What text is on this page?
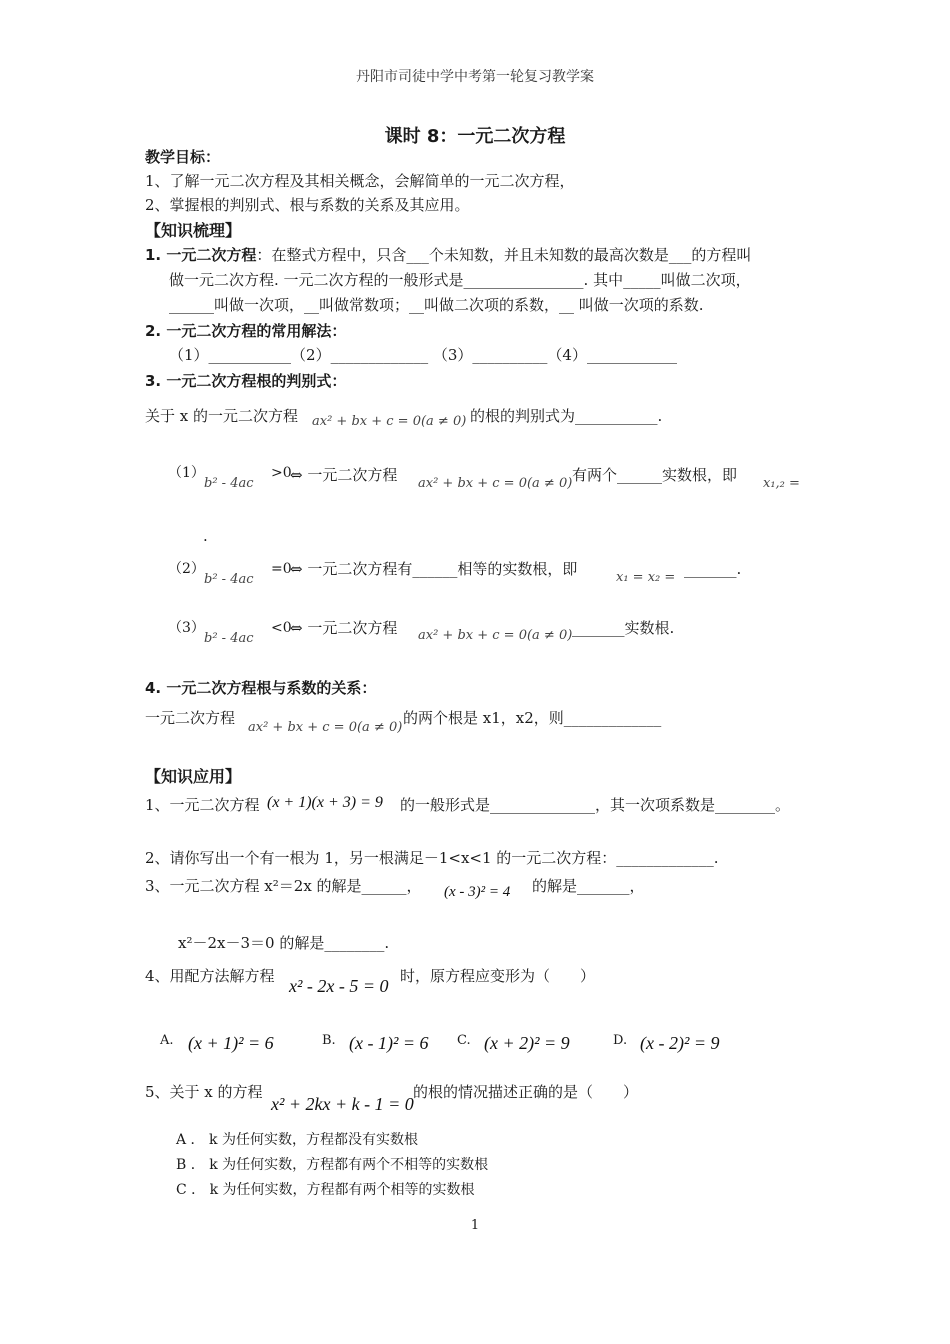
丹阳市司徒中学中考第一轮复习教学案
课时 8：一元二次方程
教学目标：
1、了解一元二次方程及其相关概念，会解简单的一元二次方程，
2、掌握根的判别式、根与系数的关系及其应用。
【知识梳理】
1. 一元二次方程：在整式方程中，只含___个未知数，并且未知数的最高次数是___的方程叫
做一元二次方程. 一元二次方程的一般形式是________________. 其中_____叫做二次项，
______叫做一次项，__叫做常数项；__叫做二次项的系数，__ 叫做一次项的系数.
2. 一元二次方程的常用解法：
（1）___________（2）_____________ （3）__________（4）____________
3. 一元二次方程根的判别式：
关于 x 的一元二次方程 ax² + bx + c = 0(a ≠ 0) 的根的判别式为___________.
（1）
b² - 4ac
>0
⇔ 一元二次方程 ax² + bx + c = 0(a ≠ 0) 有两个______实数根，即 x₁,₂ =
.
（2）
b² - 4ac
=0
⇔ 一元二次方程有______相等的实数根，即	x₁ = x₂ = _______.
（3）
b² - 4ac
<0
⇔ 一元二次方程 ax² + bx + c = 0(a ≠ 0) _______实数根.
4. 一元二次方程根与系数的关系：
一元二次方程
ax² + bx + c = 0(a ≠ 0)
的两个根是 x1，x2，则_____________
【知识应用】
1、一元二次方程 (x + 1)(x + 3) = 9 的一般形式是______________，其一次项系数是________。
2、请你写出一个有一根为 1，另一根满足－1<x<1 的一元二次方程：_____________.
3、一元二次方程 x²＝2x 的解是______， (x - 3)² = 4 的解是_______，
x²－2x－3＝0 的解是________.
4、用配方法解方程 x² - 2x - 5 = 0 时，原方程应变形为（　　）
A. (x + 1)² = 6	B. (x - 1)² = 6 C. (x + 2)² = 9	D. (x - 2)² = 9
5、关于 x 的方程
x² + 2kx + k - 1 = 0
的根的情况描述正确的是（　　）
A ． k 为任何实数，方程都没有实数根
B ． k 为任何实数，方程都有两个不相等的实数根
C ． k 为任何实数，方程都有两个相等的实数根
1
